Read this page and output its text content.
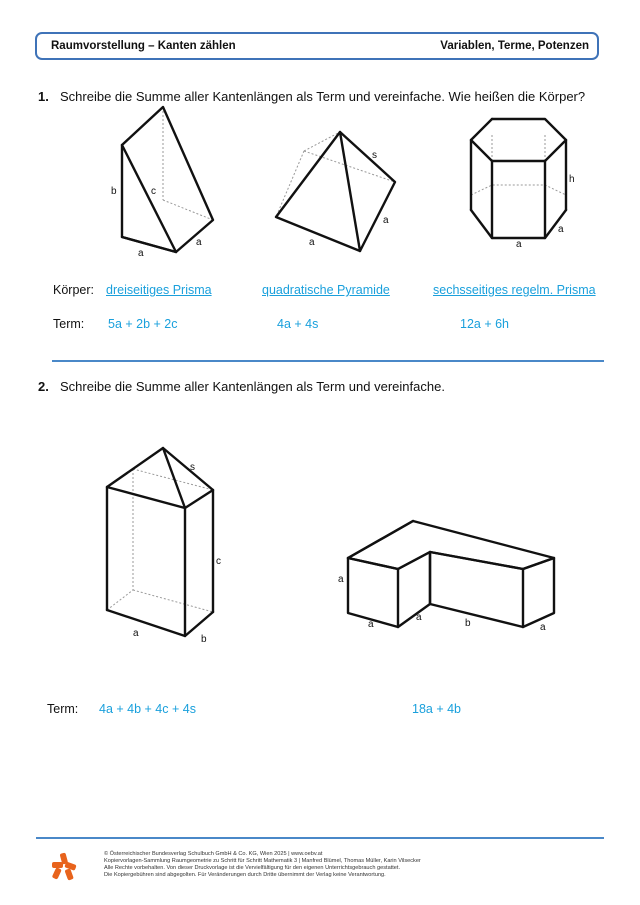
Raumvorstellung – Kanten zählen	Variablen, Terme, Potenzen
1. Schreibe die Summe aller Kantenlängen als Term und vereinfache. Wie heißen die Körper?
b	c
a
a
s
a
a
h
a
a
Körper: dreiseitiges Prisma	quadratische Pyramide	sechsseitiges regelm. Prisma
Term: 5a + 2b + 2c	4a + 4s	12a + 6h
2. Schreibe die Summe aller Kantenlängen als Term und vereinfache.
s
c
a
b
a
a
a
b	a
Term: 4a + 4b + 4c + 4s	18a + 4b
© Österreichischer Bundesverlag Schulbuch GmbH & Co. KG, Wien 2025 | www.oebv.at
Kopiervorlagen-Sammlung Raumgeometrie zu Schritt für Schritt Mathematik 3 | Manfred Blümel, Thomas Müller, Karin Vilsecker
Alle Rechte vorbehalten. Von dieser Druckvorlage ist die Vervielfältigung für den eigenen Unterrichtsgebrauch gestattet.
Die Kopiergebühren sind abgegolten. Für Veränderungen durch Dritte übernimmt der Verlag keine Verantwortung.
